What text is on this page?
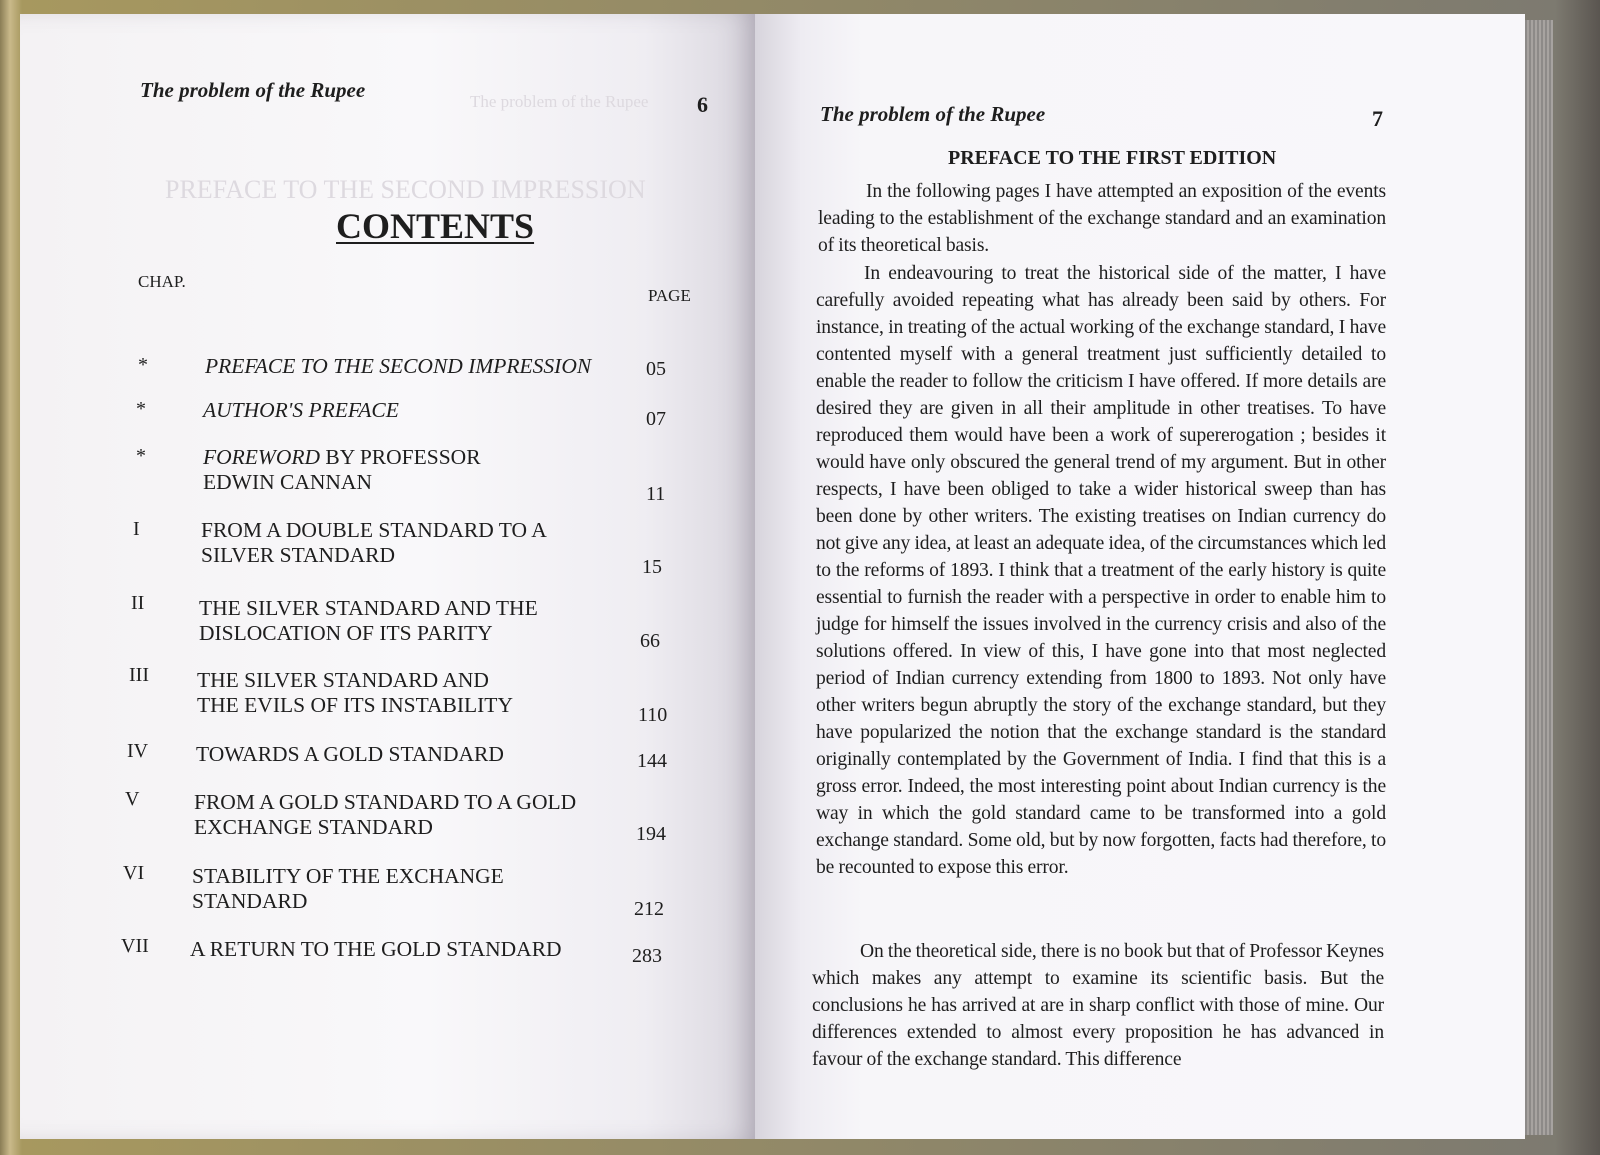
The problem of the Rupee
PREFACE TO THE SECOND IMPRESSION
The problem of the Rupee
6
CONTENTS
CHAP.
PAGE
*	PREFACE TO THE SECOND IMPRESSION	05
*	AUTHOR'S PREFACE	07
*	FOREWORD BY PROFESSOR EDWIN CANNAN	11
I	FROM A DOUBLE STANDARD TO A SILVER STANDARD	15
II	THE SILVER STANDARD AND THE DISLOCATION OF ITS PARITY	66
III THE SILVER STANDARD AND THE EVILS OF ITS INSTABILITY	110
IV TOWARDS A GOLD STANDARD	144
V	FROM A GOLD STANDARD TO A GOLD EXCHANGE STANDARD	194
VI STABILITY OF THE EXCHANGE STANDARD	212
VII A RETURN TO THE GOLD STANDARD	283
The problem of the Rupee	7
PREFACE TO THE FIRST EDITION

In the following pages I have attempted an exposition of the events leading to the establishment of the exchange standard and an examination of its theoretical basis.

In endeavouring to treat the historical side of the matter, I have carefully avoided repeating what has already been said by others. For instance, in treating of the actual working of the exchange standard, I have contented myself with a general treatment just sufficiently detailed to enable the reader to follow the criticism I have offered. If more details are desired they are given in all their amplitude in other treatises. To have reproduced them would have been a work of supererogation ; besides it would have only obscured the general trend of my argument. But in other respects, I have been obliged to take a wider historical sweep than has been done by other writers. The existing treatises on Indian currency do not give any idea, at least an adequate idea, of the circumstances which led to the reforms of 1893. I think that a treatment of the early history is quite essential to furnish the reader with a perspective in order to enable him to judge for himself the issues involved in the currency crisis and also of the solutions offered. In view of this, I have gone into that most neglected period of Indian currency extending from 1800 to 1893. Not only have other writers begun abruptly the story of the exchange standard, but they have popularized the notion that the exchange standard is the standard originally contemplated by the Government of India. I find that this is a gross error. Indeed, the most interesting point about Indian currency is the way in which the gold standard came to be transformed into a gold exchange standard. Some old, but by now forgotten, facts had therefore, to be recounted to expose this error.

On the theoretical side, there is no book but that of Professor Keynes which makes any attempt to examine its scientific basis. But the conclusions he has arrived at are in sharp conflict with those of mine. Our differences extended to almost every proposition he has advanced in favour of the exchange standard. This difference
